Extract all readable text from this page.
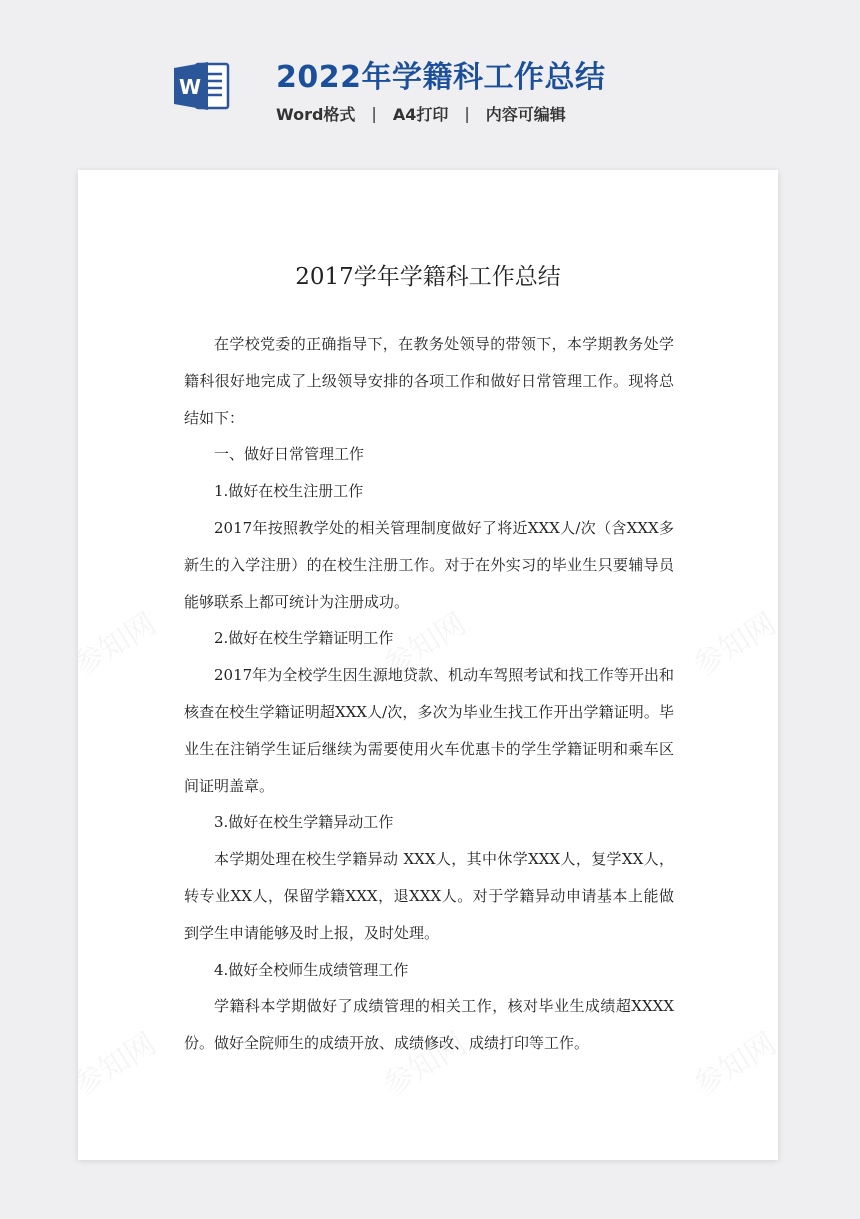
W 2022年学籍科工作总结
Word格式 | A4打印 | 内容可编辑
2017学年学籍科工作总结

在学校党委的正确指导下，在教务处领导的带领下，本学期教务处学籍科很好地完成了上级领导安排的各项工作和做好日常管理工作。现将总结如下：

一、做好日常管理工作

1.做好在校生注册工作

2017年按照教学处的相关管理制度做好了将近XXX人/次（含XXX多新生的入学注册）的在校生注册工作。对于在外实习的毕业生只要辅导员能够联系上都可统计为注册成功。

2.做好在校生学籍证明工作

2017年为全校学生因生源地贷款、机动车驾照考试和找工作等开出和核查在校生学籍证明超XXX人/次，多次为毕业生找工作开出学籍证明。毕业生在注销学生证后继续为需要使用火车优惠卡的学生学籍证明和乘车区间证明盖章。

3.做好在校生学籍异动工作

本学期处理在校生学籍异动 XXX人，其中休学XXX人，复学XX人，转专业XX人，保留学籍XXX，退XXX人。对于学籍异动申请基本上能做到学生申请能够及时上报，及时处理。

4.做好全校师生成绩管理工作

学籍科本学期做好了成绩管理的相关工作，核对毕业生成绩超XXXX份。做好全院师生的成绩开放、成绩修改、成绩打印等工作。
